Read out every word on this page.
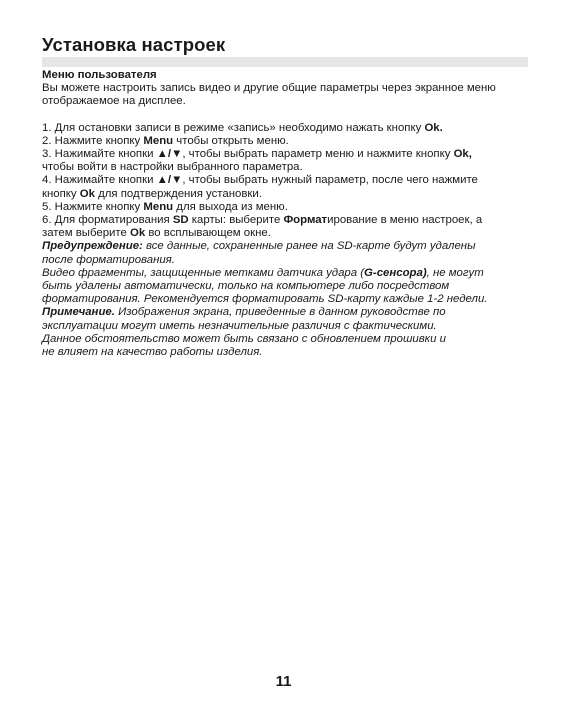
Установка настроек
Меню пользователя

Вы можете настроить запись видео и другие общие параметры через экранное меню
отображаемое на дисплее.

1. Для остановки записи в режиме «запись» необходимо нажать кнопку Ok.
2. Нажмите кнопку Menu чтобы открыть меню.
3. Нажимайте кнопки ▲/▼, чтобы выбрать параметр меню и нажмите кнопку Ok,
чтобы войти в настройки выбранного параметра.
4. Нажимайте кнопки ▲/▼, чтобы выбрать нужный параметр, после чего нажмите
кнопку Ok для подтверждения установки.
5. Нажмите кнопку Menu для выхода из меню.
6. Для форматирования SD карты: выберите Форматирование в меню настроек, а
затем выберите Ok во всплывающем окне.
Предупреждение: все данные, сохраненные ранее на SD-карте будут удалены
после форматирования.
Видео фрагменты, защищенные метками датчика удара (G-сенсора), не могут
быть удалены автоматически, только на компьютере либо посредством
форматирования. Рекомендуется форматировать SD-карту каждые 1-2 недели.
Примечание. Изображения экрана, приведенные в данном руководстве по
эксплуатации могут иметь незначительные различия с фактическими.
Данное обстоятельство может быть связано с обновлением прошивки и
не влияет на качество работы изделия.
11
